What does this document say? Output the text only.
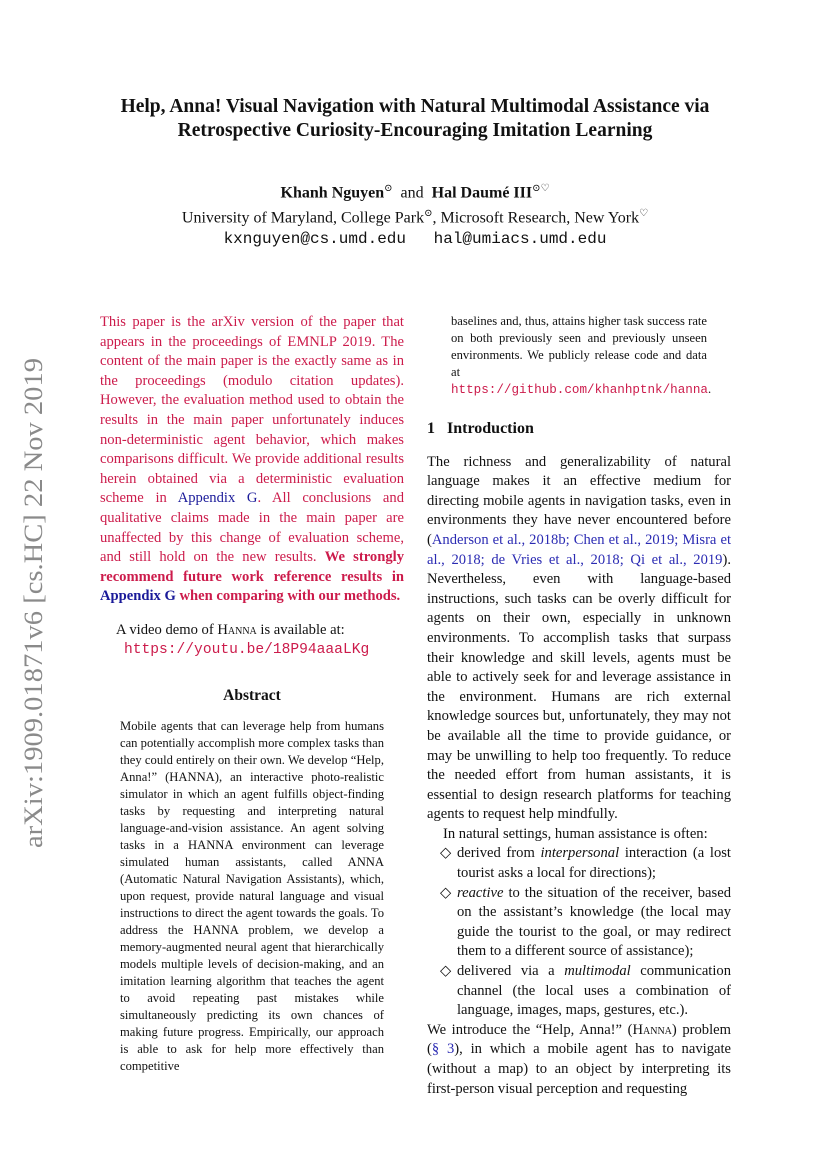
arXiv:1909.01871v6 [cs.HC] 22 Nov 2019
Help, Anna! Visual Navigation with Natural Multimodal Assistance via
Retrospective Curiosity-Encouraging Imitation Learning
Khanh Nguyen⊙ and Hal Daumé III⊙♡
University of Maryland, College Park⊙, Microsoft Research, New York♡
kxnguyen@cs.umd.edu hal@umiacs.umd.edu

This paper is the arXiv version of the paper that appears in the proceedings of EMNLP 2019. The content of the main paper is the exactly same as in the proceedings (modulo citation updates). However, the evaluation method used to obtain the results in the main paper unfortunately induces non-deterministic agent behavior, which makes comparisons difficult. We provide additional results herein obtained via a deterministic evaluation scheme in Appendix G. All conclusions and qualitative claims made in the main paper are unaffected by this change of evaluation scheme, and still hold on the new results. We strongly recommend future work reference results in Appendix G when comparing with our methods.

A video demo of Hanna is available at:
https://youtu.be/18P94aaaLKg
Abstract

Mobile agents that can leverage help from humans can potentially accomplish more complex tasks than they could entirely on their own. We develop “Help, Anna!” (HANNA), an interactive photo-realistic simulator in which an agent fulfills object-finding tasks by requesting and interpreting natural language-and-vision assistance. An agent solving tasks in a HANNA environment can leverage simulated human assistants, called ANNA (Automatic Natural Navigation Assistants), which, upon request, provide natural language and visual instructions to direct the agent towards the goals. To address the HANNA problem, we develop a memory-augmented neural agent that hierarchically models multiple levels of decision-making, and an imitation learning algorithm that teaches the agent to avoid repeating past mistakes while simultaneously predicting its own chances of making future progress. Empirically, our approach is able to ask for help more effectively than competitive

baselines and, thus, attains higher task success rate on both previously seen and previously unseen environments. We publicly release code and data at https://github.com/khanhptnk/hanna.

1 Introduction

The richness and generalizability of natural language makes it an effective medium for directing mobile agents in navigation tasks, even in environments they have never encountered before (Anderson et al., 2018b; Chen et al., 2019; Misra et al., 2018; de Vries et al., 2018; Qi et al., 2019). Nevertheless, even with language-based instructions, such tasks can be overly difficult for agents on their own, especially in unknown environments. To accomplish tasks that surpass their knowledge and skill levels, agents must be able to actively seek for and leverage assistance in the environment. Humans are rich external knowledge sources but, unfortunately, they may not be available all the time to provide guidance, or may be unwilling to help too frequently. To reduce the needed effort from human assistants, it is essential to design research platforms for teaching agents to request help mindfully.

In natural settings, human assistance is often:

◇ derived from interpersonal interaction (a lost tourist asks a local for directions);
◇ reactive to the situation of the receiver, based on the assistant’s knowledge (the local may guide the tourist to the goal, or may redirect them to a different source of assistance);
◇ delivered via a multimodal communication channel (the local uses a combination of language, images, maps, gestures, etc.).

We introduce the “Help, Anna!” (Hanna) problem (§ 3), in which a mobile agent has to navigate (without a map) to an object by interpreting its first-person visual perception and requesting
